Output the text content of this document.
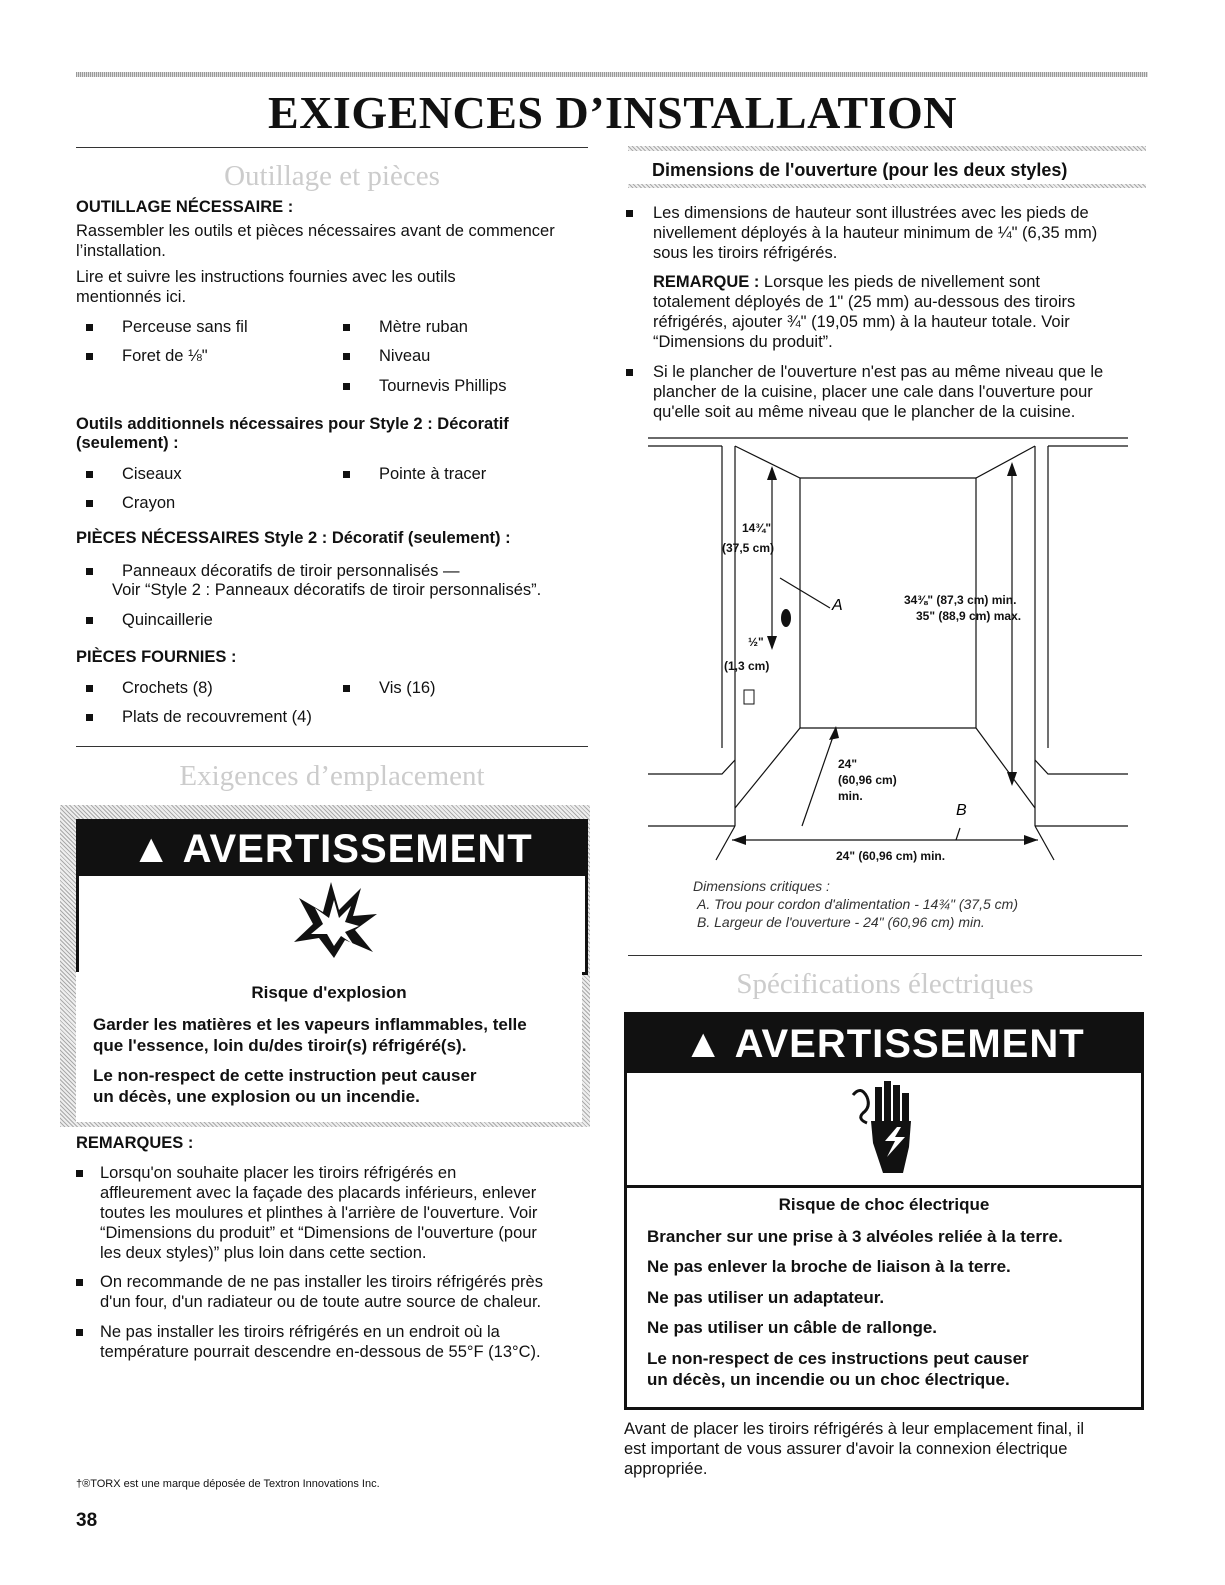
EXIGENCES D’INSTALLATION
Outillage et pièces
OUTILLAGE NÉCESSAIRE :
Rassembler les outils et pièces nécessaires avant de commencer
l’installation.
Lire et suivre les instructions fournies avec les outils
mentionnés ici.
Perceuse sans fil
Foret de ⅛"
Mètre ruban
Niveau
Tournevis Phillips
Outils additionnels nécessaires pour Style 2 : Décoratif
(seulement) :
Ciseaux
Crayon
Pointe à tracer
PIÈCES NÉCESSAIRES Style 2 : Décoratif (seulement) :
Panneaux décoratifs de tiroir personnalisés —
Voir “Style 2 : Panneaux décoratifs de tiroir personnalisés”.
Quincaillerie
PIÈCES FOURNIES :
Crochets (8)
Plats de recouvrement (4)
Vis (16)
Exigences d’emplacement
▲ AVERTISSEMENT
Risque d'explosion
Garder les matières et les vapeurs inflammables, telle
que l'essence, loin du/des tiroir(s) réfrigéré(s).
Le non-respect de cette instruction peut causer
un décès, une explosion ou un incendie.
REMARQUES :
Lorsqu'on souhaite placer les tiroirs réfrigérés en
affleurement avec la façade des placards inférieurs, enlever
toutes les moulures et plinthes à l'arrière de l'ouverture. Voir
“Dimensions du produit” et “Dimensions de l'ouverture (pour
les deux styles)” plus loin dans cette section.
On recommande de ne pas installer les tiroirs réfrigérés près
d'un four, d'un radiateur ou de toute autre source de chaleur.
Ne pas installer les tiroirs réfrigérés en un endroit où la
température pourrait descendre en-dessous de 55°F (13°C).
†®TORX est une marque déposée de Textron Innovations Inc.
38
Dimensions de l'ouverture (pour les deux styles)
Les dimensions de hauteur sont illustrées avec les pieds de
nivellement déployés à la hauteur minimum de ¼" (6,35 mm)
sous les tiroirs réfrigérés.
REMARQUE : Lorsque les pieds de nivellement sont
totalement déployés de 1" (25 mm) au-dessous des tiroirs
réfrigérés, ajouter ¾" (19,05 mm) à la hauteur totale. Voir
“Dimensions du produit”.
Si le plancher de l'ouverture n'est pas au même niveau que le
plancher de la cuisine, placer une cale dans l'ouverture pour
qu'elle soit au même niveau que le plancher de la cuisine.
14¾"
(37,5 cm)
A	34⅜" (87,3 cm) min.
35" (88,9 cm) max.
½"
(1,3 cm)
24"
(60,96 cm)
min.
B
24" (60,96 cm) min.
Dimensions critiques :
A. Trou pour cordon d'alimentation - 14¾" (37,5 cm)
B. Largeur de l'ouverture - 24" (60,96 cm) min.
Spécifications électriques
▲ AVERTISSEMENT
Risque de choc électrique
Brancher sur une prise à 3 alvéoles reliée à la terre.
Ne pas enlever la broche de liaison à la terre.
Ne pas utiliser un adaptateur.
Ne pas utiliser un câble de rallonge.
Le non-respect de ces instructions peut causer
un décès, un incendie ou un choc électrique.
Avant de placer les tiroirs réfrigérés à leur emplacement final, il
est important de vous assurer d'avoir la connexion électrique
appropriée.
